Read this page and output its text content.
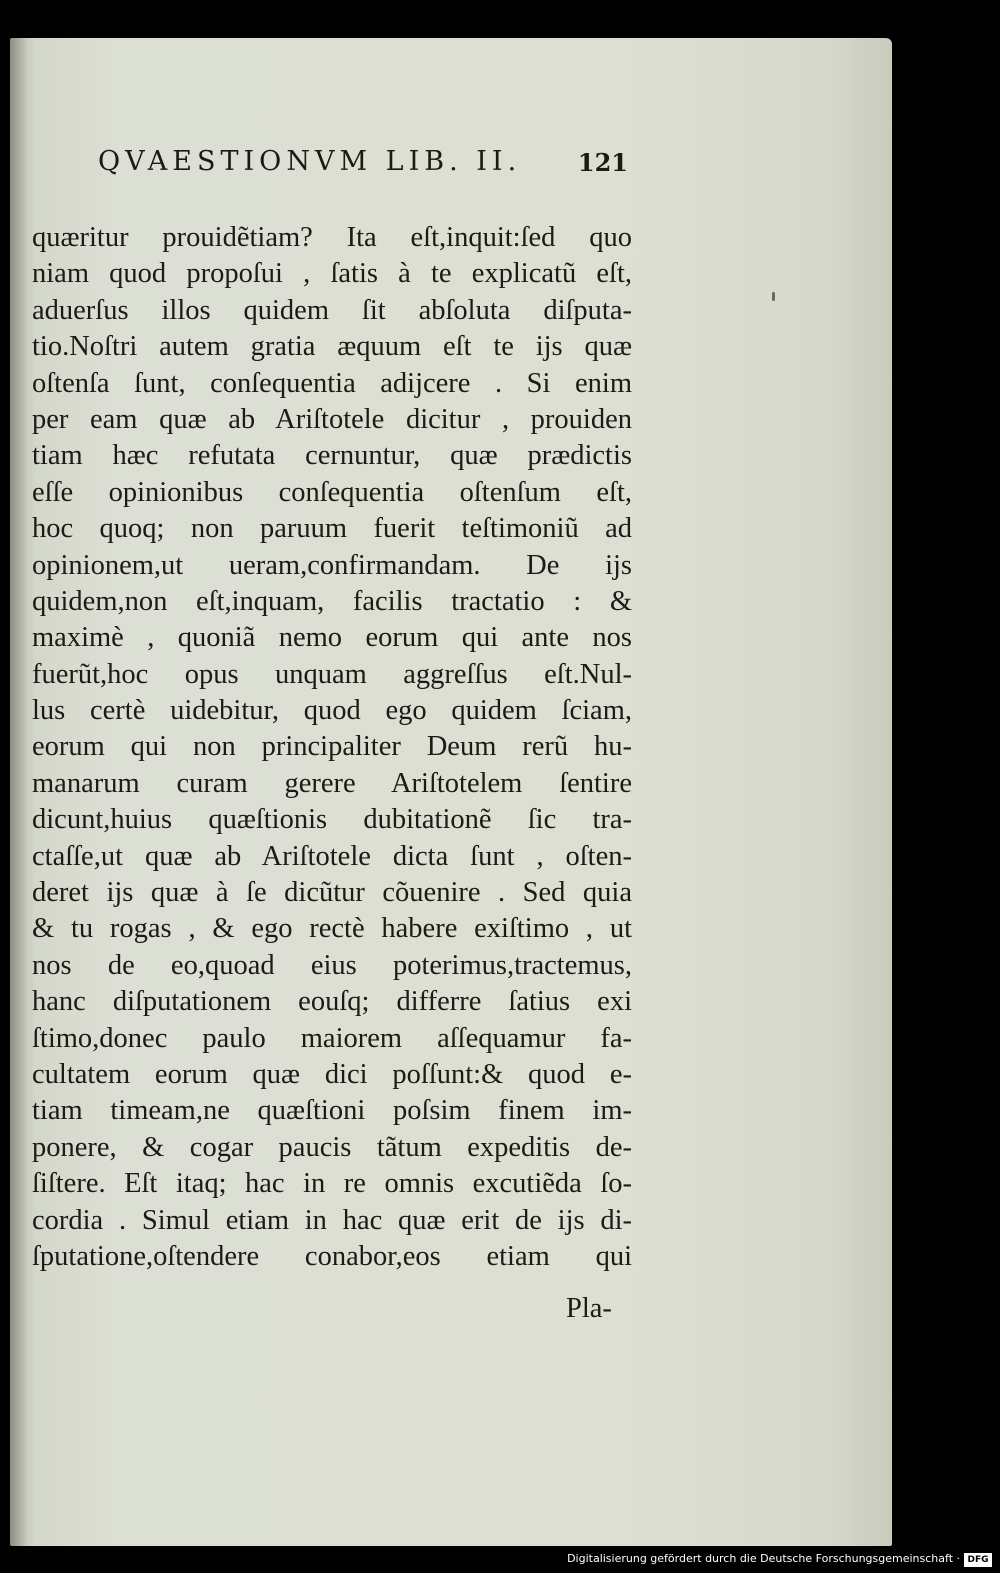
QVAESTIONVM LIB. II. 121
quæritur prouidẽtiam? Ita eſt,inquit:ſed quo
niam quod propoſui , ſatis à te explicatũ eſt,
aduerſus illos quidem ſit abſoluta diſputa-
tio.Noſtri autem gratia æquum eſt te ijs quæ
oſtenſa ſunt, conſequentia adijcere . Si enim
per eam quæ ab Ariſtotele dicitur , prouiden
tiam hæc refutata cernuntur, quæ prædictis
eſſe opinionibus conſequentia oſtenſum eſt,
hoc quoq; non paruum fuerit teſtimoniũ ad
opinionem,ut ueram,confirmandam. De ijs
quidem,non eſt,inquam, facilis tractatio : &
maximè , quoniã nemo eorum qui ante nos
fuerũt,hoc opus unquam aggreſſus eſt.Nul-
lus certè uidebitur, quod ego quidem ſciam,
eorum qui non principaliter Deum rerũ hu-
manarum curam gerere Ariſtotelem ſentire
dicunt,huius quæſtionis dubitationẽ ſic tra-
ctaſſe,ut quæ ab Ariſtotele dicta ſunt , oſten-
deret ijs quæ à ſe dicũtur cõuenire . Sed quia
& tu rogas , & ego rectè habere exiſtimo , ut
nos de eo,quoad eius poterimus,tractemus,
hanc diſputationem eouſq; differre ſatius exi
ſtimo,donec paulo maiorem aſſequamur fa-
cultatem eorum quæ dici poſſunt:& quod e-
tiam timeam,ne quæſtioni poſsim finem im-
ponere, & cogar paucis tãtum expeditis de-
ſiſtere. Eſt itaq; hac in re omnis excutiẽda ſo-
cordia . Simul etiam in hac quæ erit de ijs di-
ſputatione,oſtendere conabor,eos etiam qui
Pla-
Digitalisierung gefördert durch die Deutsche Forschungsgemeinschaft · DFG
